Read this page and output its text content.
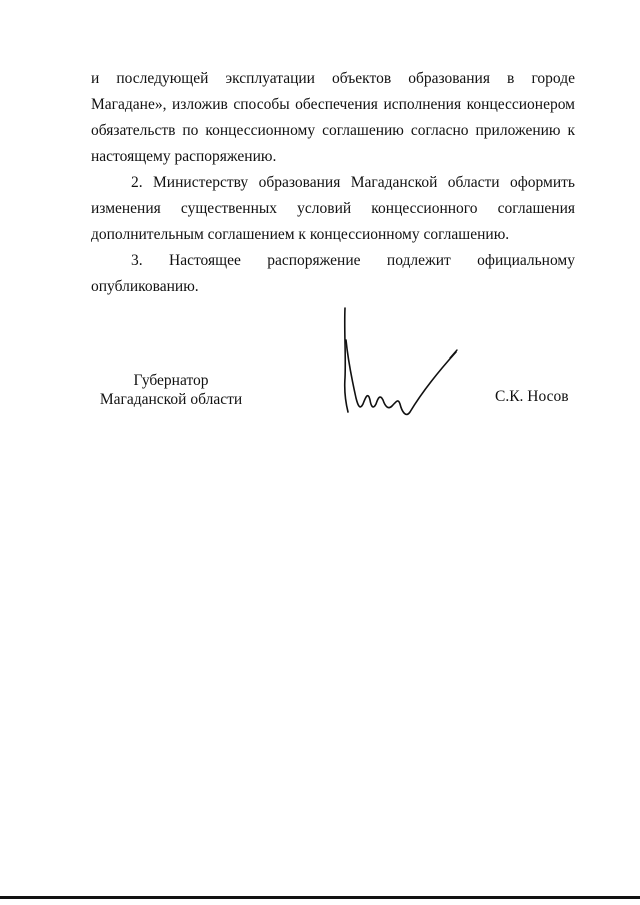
и последующей эксплуатации объектов образования в городе Магадане», изложив способы обеспечения исполнения концессионером обязательств по концессионному соглашению согласно приложению к настоящему распоряжению.

2. Министерству образования Магаданской области оформить изменения существенных условий концессионного соглашения дополнительным соглашением к концессионному соглашению.

3. Настоящее распоряжение подлежит официальному опубликованию.

Губернатор
Магаданской области	С.К. Носов
